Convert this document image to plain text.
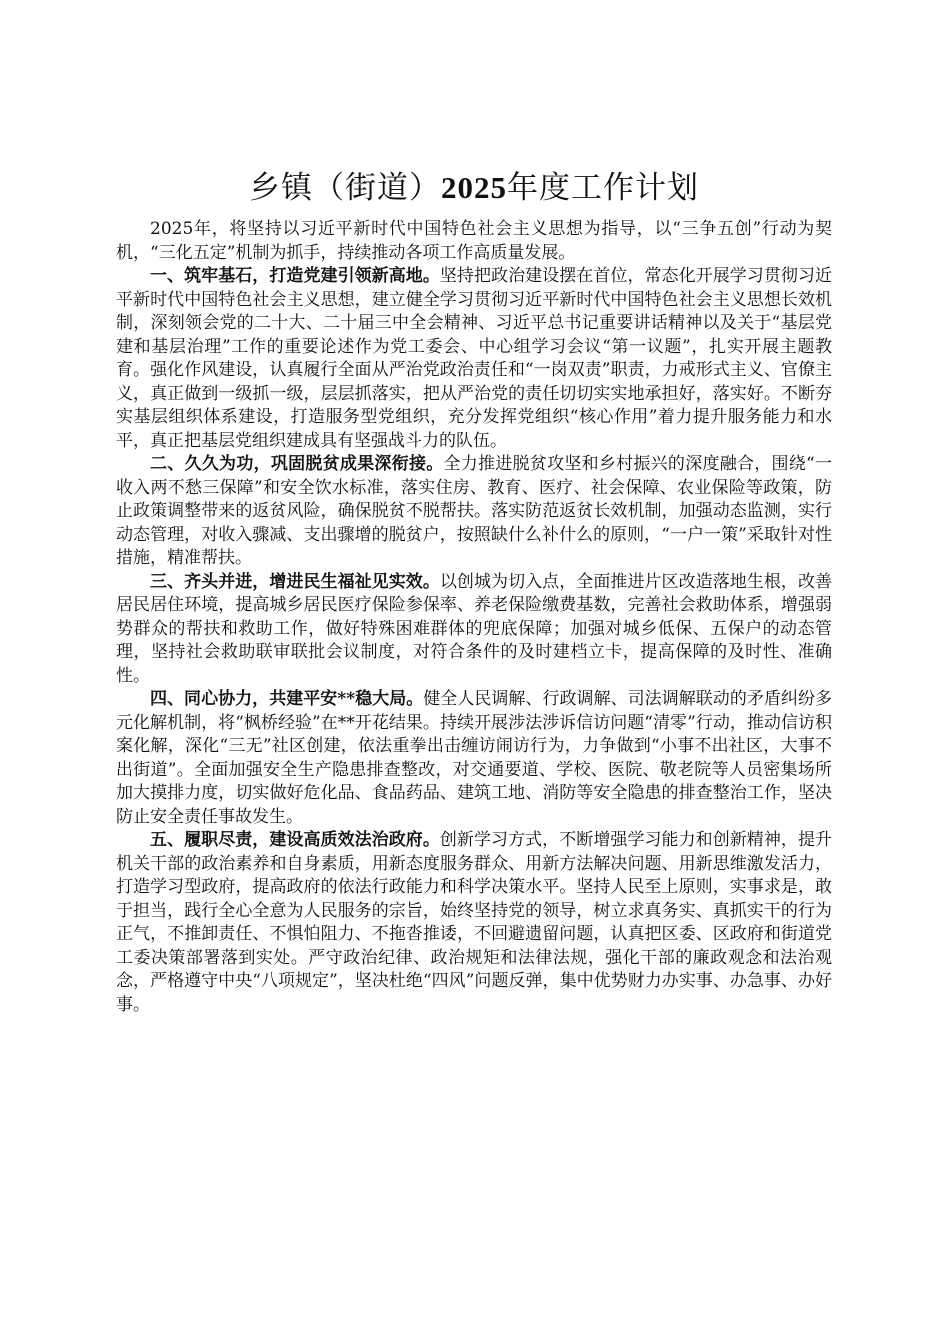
乡镇（街道）2025年度工作计划

2025年，将坚持以习近平新时代中国特色社会主义思想为指导，以“三争五创”行动为契机，“三化五定”机制为抓手，持续推动各项工作高质量发展。

一、筑牢基石，打造党建引领新高地。坚持把政治建设摆在首位，常态化开展学习贯彻习近平新时代中国特色社会主义思想，建立健全学习贯彻习近平新时代中国特色社会主义思想长效机制，深刻领会党的二十大、二十届三中全会精神、习近平总书记重要讲话精神以及关于“基层党建和基层治理”工作的重要论述作为党工委会、中心组学习会议“第一议题”，扎实开展主题教育。强化作风建设，认真履行全面从严治党政治责任和“一岗双责”职责，力戒形式主义、官僚主义，真正做到一级抓一级，层层抓落实，把从严治党的责任切切实实地承担好，落实好。不断夯实基层组织体系建设，打造服务型党组织，充分发挥党组织“核心作用”着力提升服务能力和水平，真正把基层党组织建成具有坚强战斗力的队伍。

二、久久为功，巩固脱贫成果深衔接。全力推进脱贫攻坚和乡村振兴的深度融合，围绕“一收入两不愁三保障”和安全饮水标准，落实住房、教育、医疗、社会保障、农业保险等政策，防止政策调整带来的返贫风险，确保脱贫不脱帮扶。落实防范返贫长效机制，加强动态监测，实行动态管理，对收入骤减、支出骤增的脱贫户，按照缺什么补什么的原则，“一户一策”采取针对性措施，精准帮扶。

三、齐头并进，增进民生福祉见实效。以创城为切入点，全面推进片区改造落地生根，改善居民居住环境，提高城乡居民医疗保险参保率、养老保险缴费基数，完善社会救助体系，增强弱势群众的帮扶和救助工作，做好特殊困难群体的兜底保障；加强对城乡低保、五保户的动态管理，坚持社会救助联审联批会议制度，对符合条件的及时建档立卡，提高保障的及时性、准确性。

四、同心协力，共建平安**稳大局。健全人民调解、行政调解、司法调解联动的矛盾纠纷多元化解机制，将“枫桥经验”在**开花结果。持续开展涉法涉诉信访问题“清零”行动，推动信访积案化解，深化“三无”社区创建，依法重拳出击缠访闹访行为，力争做到“小事不出社区，大事不出街道”。全面加强安全生产隐患排查整改，对交通要道、学校、医院、敬老院等人员密集场所加大摸排力度，切实做好危化品、食品药品、建筑工地、消防等安全隐患的排查整治工作，坚决防止安全责任事故发生。

五、履职尽责，建设高质效法治政府。创新学习方式，不断增强学习能力和创新精神，提升机关干部的政治素养和自身素质，用新态度服务群众、用新方法解决问题、用新思维激发活力，打造学习型政府，提高政府的依法行政能力和科学决策水平。坚持人民至上原则，实事求是，敢于担当，践行全心全意为人民服务的宗旨，始终坚持党的领导，树立求真务实、真抓实干的行为正气，不推卸责任、不惧怕阻力、不拖沓推诿，不回避遗留问题，认真把区委、区政府和街道党工委决策部署落到实处。严守政治纪律、政治规矩和法律法规，强化干部的廉政观念和法治观念，严格遵守中央“八项规定”，坚决杜绝“四风”问题反弹，集中优势财力办实事、办急事、办好事。
